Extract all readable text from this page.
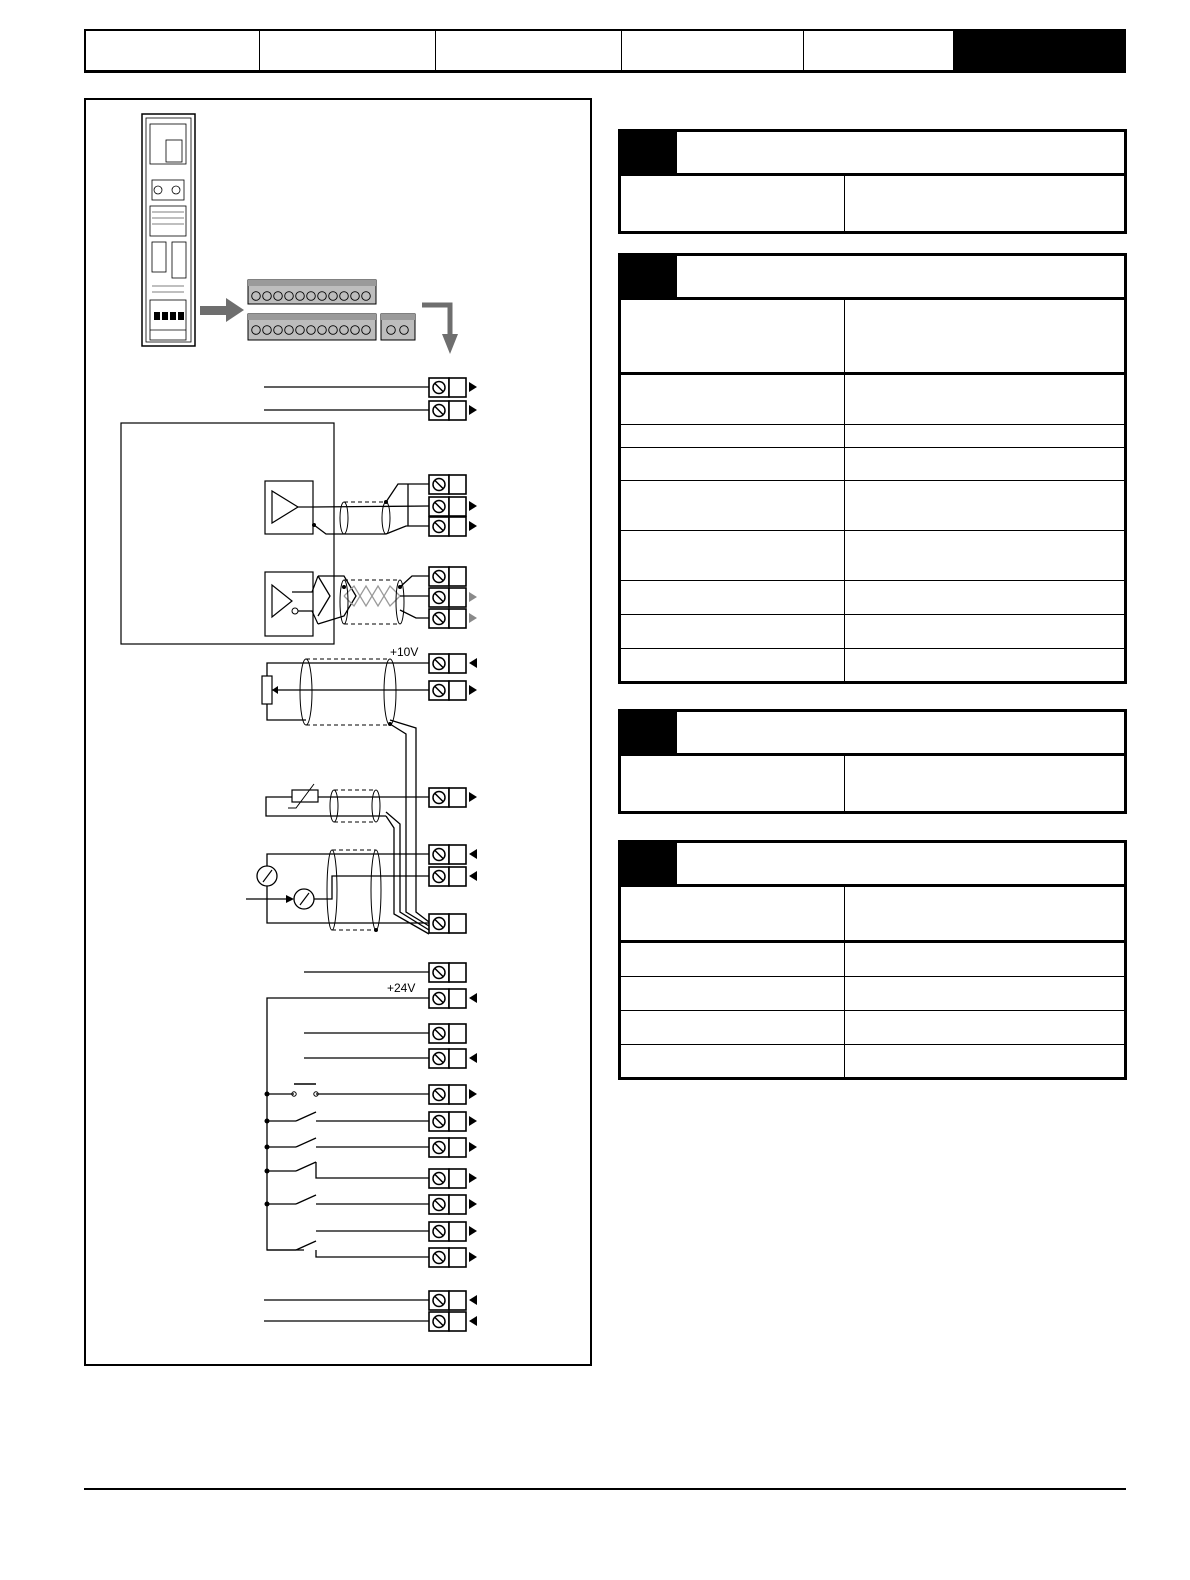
+10V
+24V
